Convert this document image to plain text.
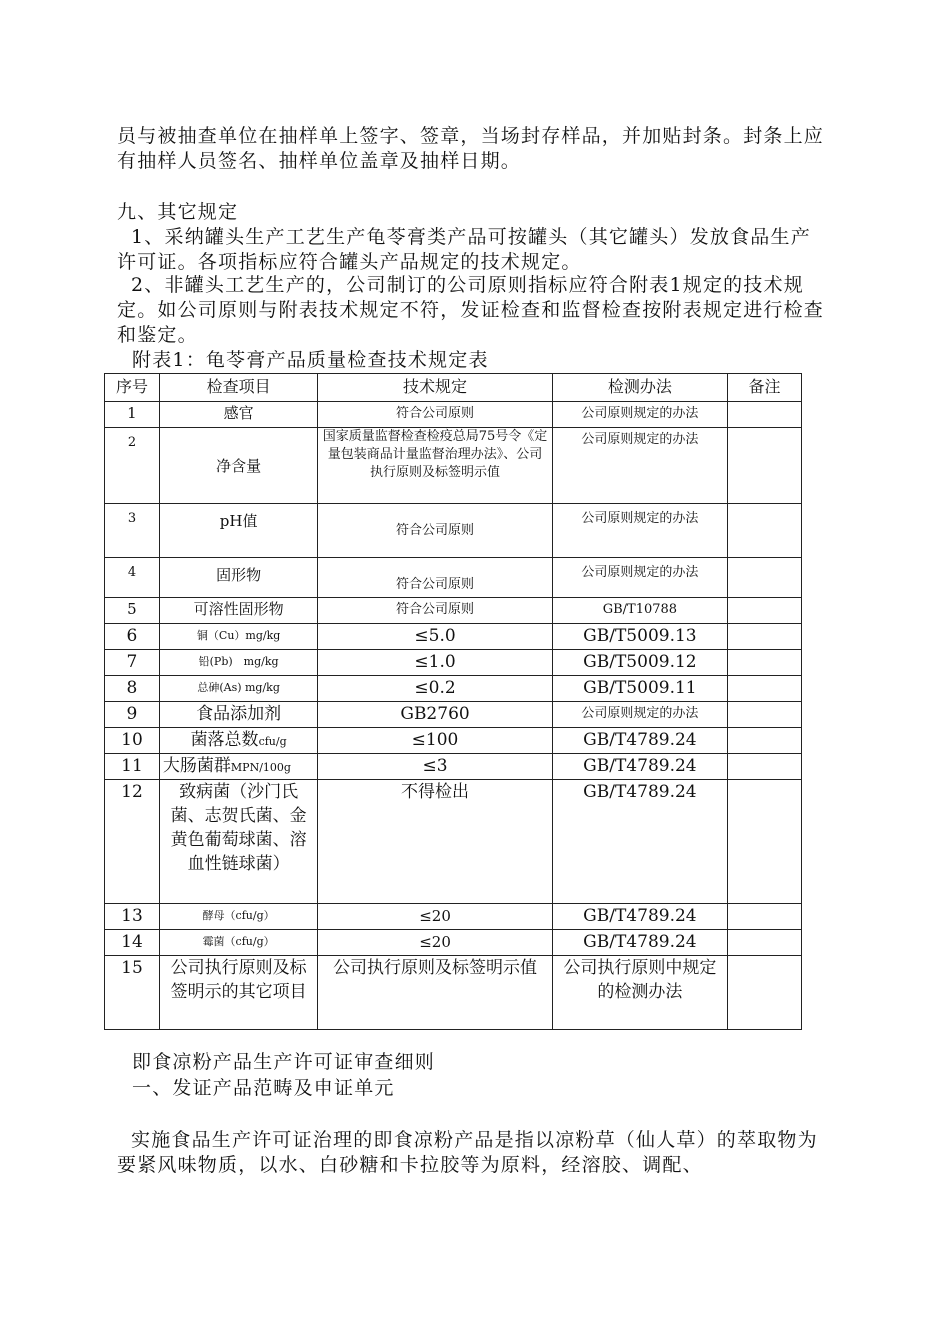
员与被抽查单位在抽样单上签字、签章，当场封存样品，并加贴封条。封条上应有抽样人员签名、抽样单位盖章及抽样日期。

九、其它规定

1、采纳罐头生产工艺生产龟苓膏类产品可按罐头（其它罐头）发放食品生产许可证。各项指标应符合罐头产品规定的技术规定。

2、非罐头工艺生产的，公司制订的公司原则指标应符合附表1规定的技术规定。如公司原则与附表技术规定不符，发证检查和监督检查按附表规定进行检查和鉴定。

附表1：龟苓膏产品质量检查技术规定表
序号	检查项目	技术规定	检测办法	备注
1	感官	符合公司原则	公司原则规定的办法	
2	净含量	国家质量监督检查检疫总局75号令《定量包装商品计量监督治理办法》、公司执行原则及标签明示值	公司原则规定的办法	
3	pH值	符合公司原则	公司原则规定的办法	
4	固形物	符合公司原则	公司原则规定的办法	
5	可溶性固形物	符合公司原则	GB/T10788	
6	铜（Cu）mg/kg	≤5.0	GB/T5009.13	
7	铅(Pb)　mg/kg	≤1.0	GB/T5009.12	
8	总砷(As) mg/kg	≤0.2	GB/T5009.11	
9	食品添加剂	GB2760	公司原则规定的办法	
10	菌落总数cfu/g	≤100	GB/T4789.24	
11	大肠菌群MPN/100g	≤3	GB/T4789.24	
12	致病菌（沙门氏菌、志贺氏菌、金黄色葡萄球菌、溶血性链球菌）	不得检出	GB/T4789.24	
13	酵母（cfu/g）	≤20	GB/T4789.24	
14	霉菌（cfu/g）	≤20	GB/T4789.24	
15	公司执行原则及标签明示的其它项目	公司执行原则及标签明示值	公司执行原则中规定的检测办法	
即食凉粉产品生产许可证审查细则
一、发证产品范畴及申证单元

实施食品生产许可证治理的即食凉粉产品是指以凉粉草（仙人草）的萃取物为要紧风味物质，以水、白砂糖和卡拉胶等为原料，经溶胶、调配、
